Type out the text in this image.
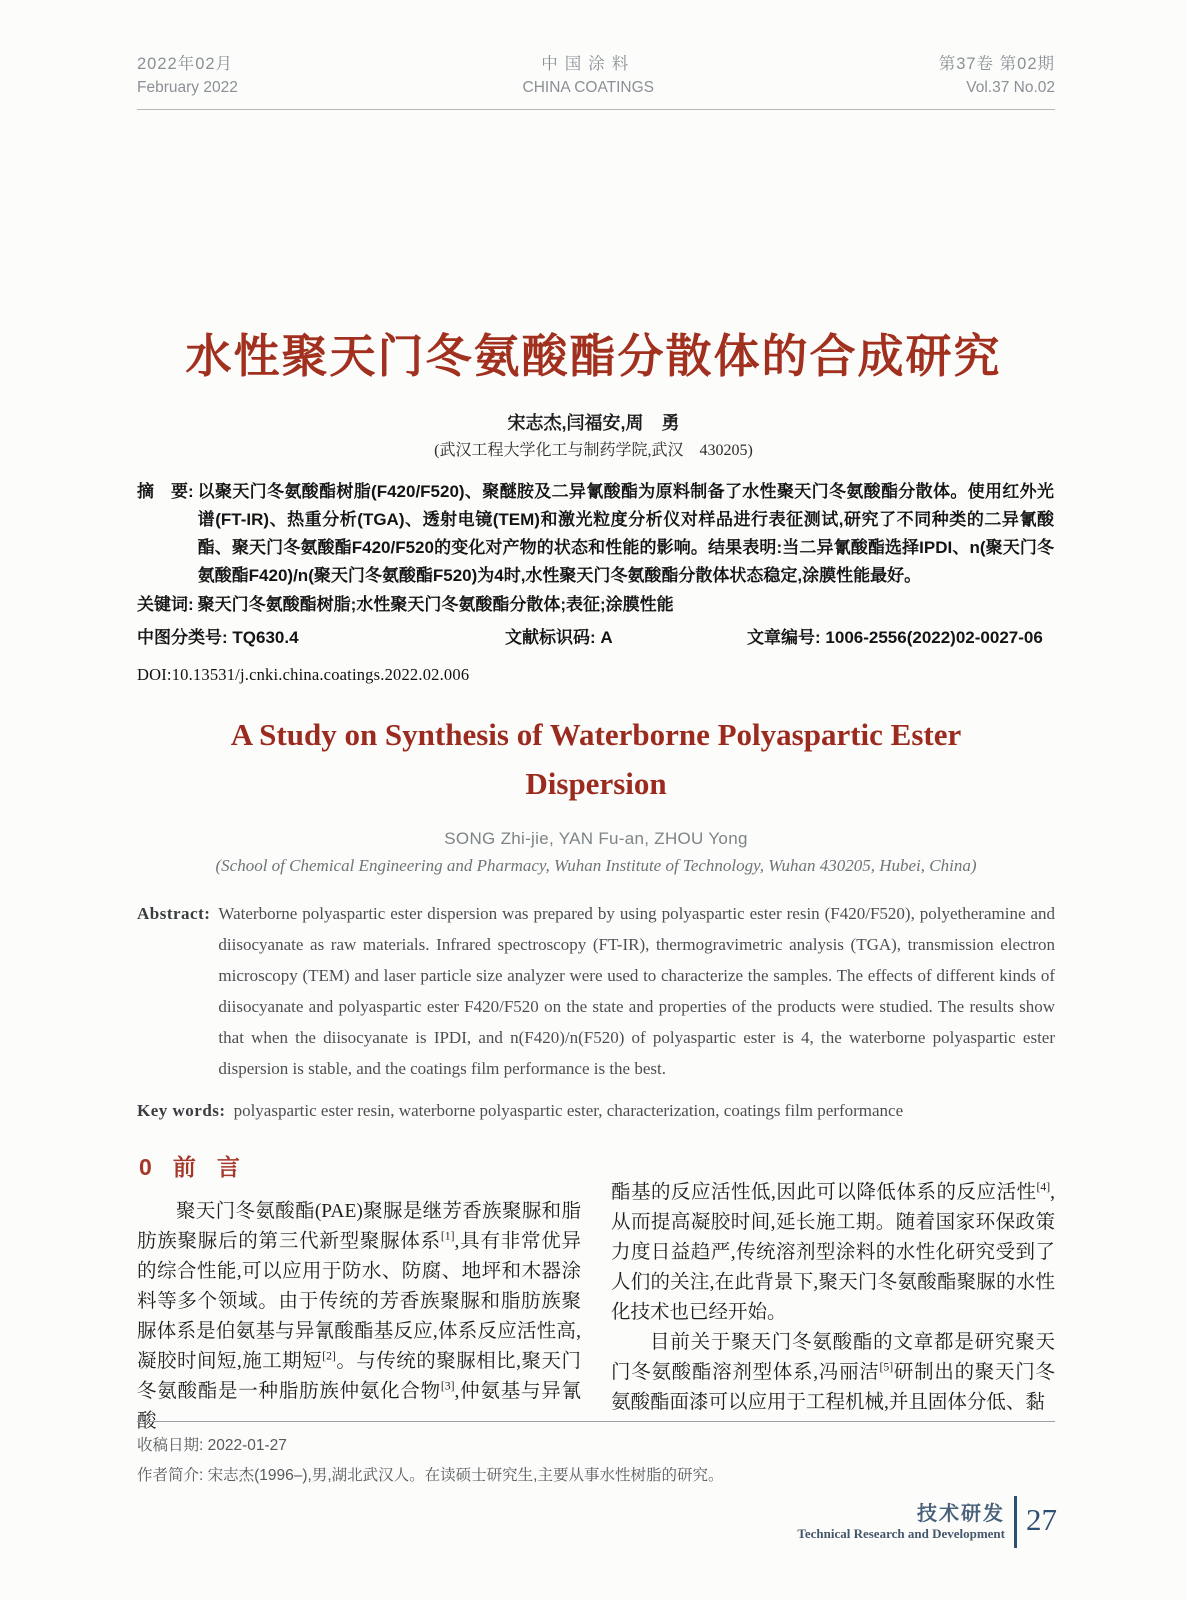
2022年02月
February 2022
中国涂料
CHINA COATINGS
第37卷 第02期
Vol.37 No.02
水性聚天门冬氨酸酯分散体的合成研究
宋志杰,闫福安,周　勇
(武汉工程大学化工与制药学院,武汉　430205)
摘　要: 以聚天门冬氨酸酯树脂(F420/F520)、聚醚胺及二异氰酸酯为原料制备了水性聚天门冬氨酸酯分散体。使用红外光谱(FT-IR)、热重分析(TGA)、透射电镜(TEM)和激光粒度分析仪对样品进行表征测试,研究了不同种类的二异氰酸酯、聚天门冬氨酸酯F420/F520的变化对产物的状态和性能的影响。结果表明:当二异氰酸酯选择IPDI、n(聚天门冬氨酸酯F420)/n(聚天门冬氨酸酯F520)为4时,水性聚天门冬氨酸酯分散体状态稳定,涂膜性能最好。
关键词: 聚天门冬氨酸酯树脂;水性聚天门冬氨酸酯分散体;表征;涂膜性能
中图分类号: TQ630.4	文献标识码: A	文章编号: 1006-2556(2022)02-0027-06
DOI:10.13531/j.cnki.china.coatings.2022.02.006
A Study on Synthesis of Waterborne Polyaspartic Ester
Dispersion
SONG Zhi-jie, YAN Fu-an, ZHOU Yong
(School of Chemical Engineering and Pharmacy, Wuhan Institute of Technology, Wuhan 430205, Hubei, China)
Abstract: Waterborne polyaspartic ester dispersion was prepared by using polyaspartic ester resin (F420/F520), polyetheramine and diisocyanate as raw materials. Infrared spectroscopy (FT-IR), thermogravimetric analysis (TGA), transmission electron microscopy (TEM) and laser particle size analyzer were used to characterize the samples. The effects of different kinds of diisocyanate and polyaspartic ester F420/F520 on the state and properties of the products were studied. The results show that when the diisocyanate is IPDI, and n(F420)/n(F520) of polyaspartic ester is 4, the waterborne polyaspartic ester dispersion is stable, and the coatings film performance is the best.
Key words: polyaspartic ester resin, waterborne polyaspartic ester, characterization, coatings film performance
0 前 言
聚天门冬氨酸酯(PAE)聚脲是继芳香族聚脲和脂肪族聚脲后的第三代新型聚脲体系[1],具有非常优异的综合性能,可以应用于防水、防腐、地坪和木器涂料等多个领域。由于传统的芳香族聚脲和脂肪族聚脲体系是伯氨基与异氰酸酯基反应,体系反应活性高,凝胶时间短,施工期短[2]。与传统的聚脲相比,聚天门冬氨酸酯是一种脂肪族仲氨化合物[3],仲氨基与异氰酸
酯基的反应活性低,因此可以降低体系的反应活性[4],从而提高凝胶时间,延长施工期。随着国家环保政策力度日益趋严,传统溶剂型涂料的水性化研究受到了人们的关注,在此背景下,聚天门冬氨酸酯聚脲的水性化技术也已经开始。
目前关于聚天门冬氨酸酯的文章都是研究聚天门冬氨酸酯溶剂型体系,冯丽洁[5]研制出的聚天门冬氨酸酯面漆可以应用于工程机械,并且固体分低、黏
收稿日期: 2022-01-27
作者简介: 宋志杰(1996–),男,湖北武汉人。在读硕士研究生,主要从事水性树脂的研究。
技术研发
Technical Research and Development 27
